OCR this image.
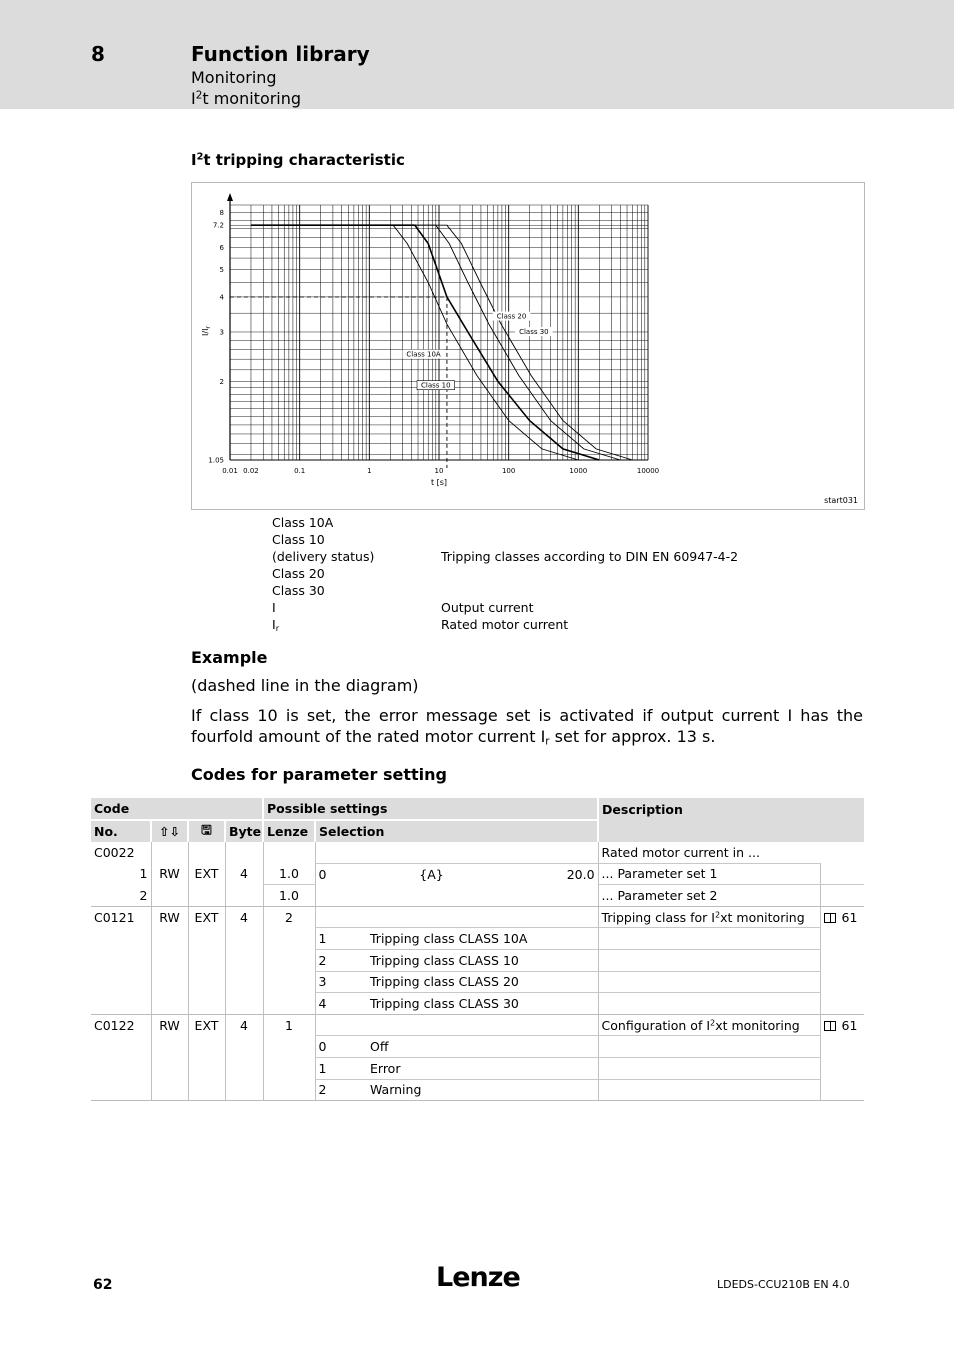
8	Function library
Monitoring
$I^2t$ monitoring
$I^2t$ tripping characteristic
0.01 0.02	0.1	1	10	100	1000	10000
8
7.2
6
5
4
3
2
1.05
t [s]
$I/I_r$
Class 20
Class 30
Class 10A
Class 10
start031
Class 10A
Class 10
(delivery status)	Tripping classes according to DIN EN 60947-4-2
Class 20
Class 30
I	Output current
$I_r$	Rated motor current
Example
(dashed line in the diagram)
If class 10 is set, the error message set is activated if output current I has the fourfold amount of the rated motor current $I_r$ set for approx. 13 s.
Codes for parameter setting
Code				Possible settings				Description	
No.	⇧⇩	🖫	Byte	Lenze	Selection				
C0022								Rated motor current in ...	
1	RW	EXT	4	1.0	0	{A}	20.0	... Parameter set 1	
2				1.0				... Parameter set 2	
C0121	RW	EXT	4	2				Tripping class for $I^2xt$ monitoring	61
					1	Tripping class CLASS 10A			
					2	Tripping class CLASS 10			
					3	Tripping class CLASS 20			
					4	Tripping class CLASS 30			
C0122	RW	EXT	4	1				Configuration of $I^2xt$ monitoring	61
					0	Off			
					1	Error			
					2	Warning			
62	Lenze	LDEDS-CCU210B EN 4.0
